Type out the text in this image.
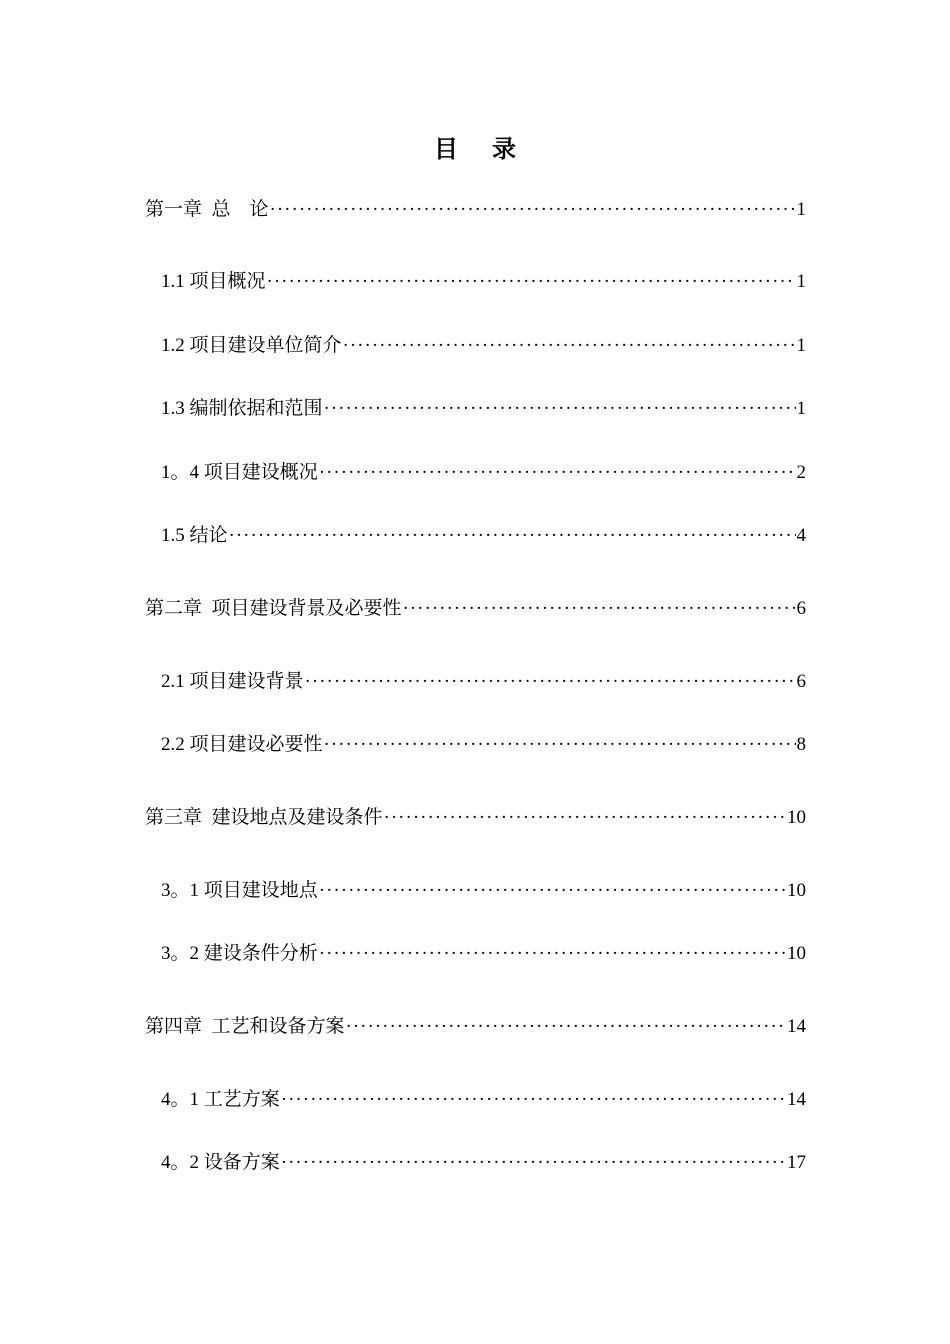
目 录
第一章  总    论 ·····	1
1.1 项目概况 ·····	1
1.2 项目建设单位简介 ·····	1
1.3 编制依据和范围 ·····	1
1。4 项目建设概况 ·····	2
1.5 结论 ·····	4
第二章  项目建设背景及必要性 ·····	6
2.1 项目建设背景 ·····	6
2.2 项目建设必要性 ·····	8
第三章  建设地点及建设条件 ·····	10
3。1 项目建设地点 ·····	10
3。2 建设条件分析 ·····	10
第四章  工艺和设备方案 ·····	14
4。1 工艺方案 ·····	14
4。2 设备方案 ·····	17
